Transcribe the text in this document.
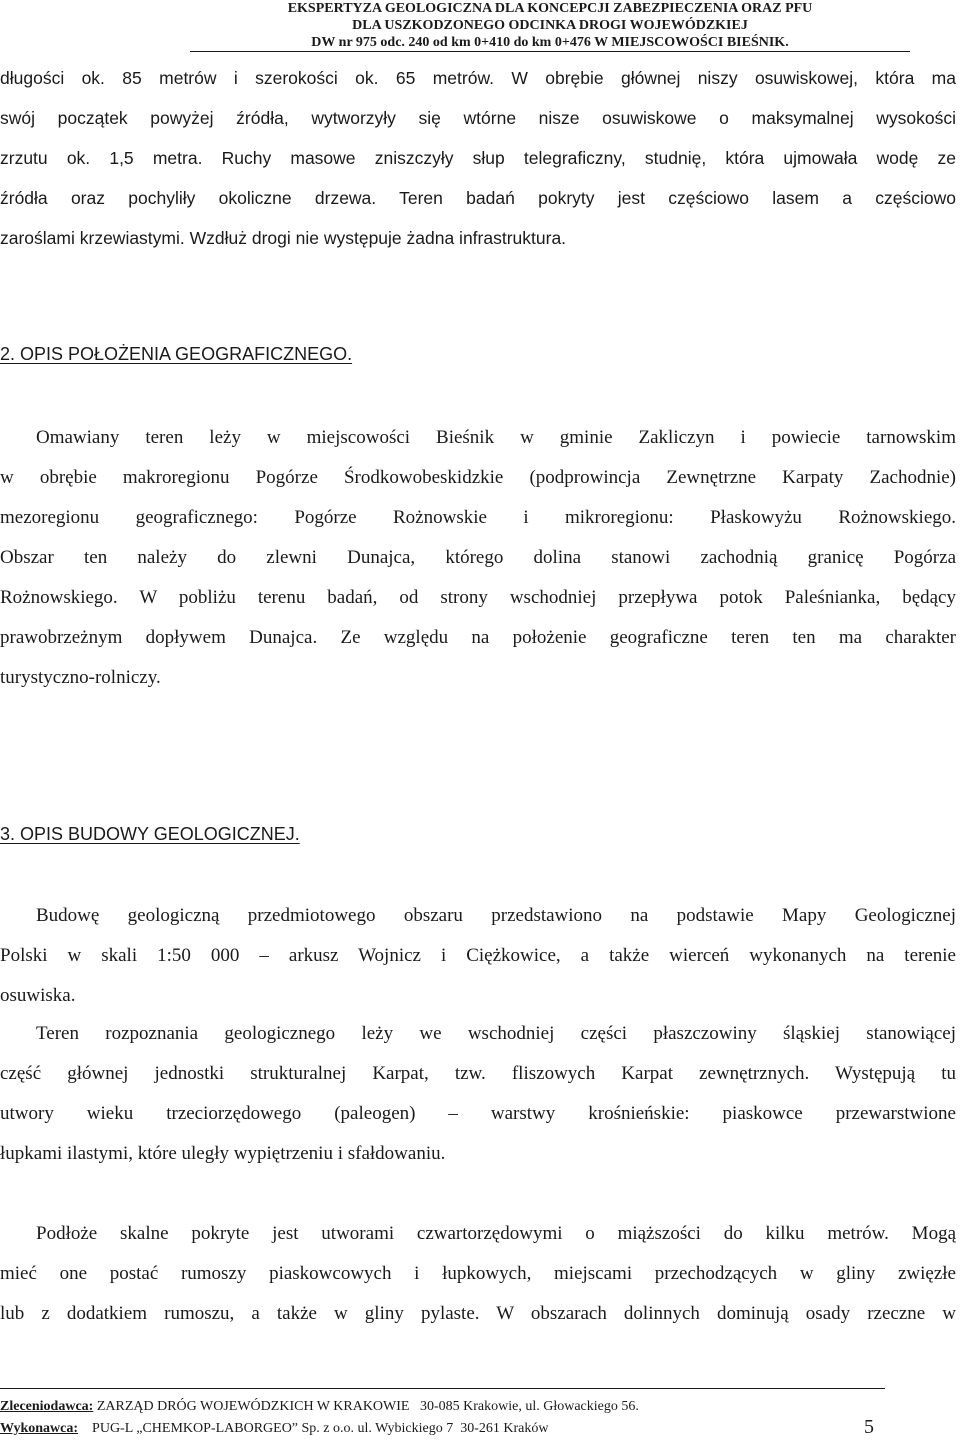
EKSPERTYZA GEOLOGICZNA DLA KONCEPCJI ZABEZPIECZENIA ORAZ PFU
DLA USZKODZONEGO ODCINKA DROGI WOJEWÓDZKIEJ
DW nr 975 odc. 240 od km 0+410 do km 0+476 W MIEJSCOWOŚCI BIEŚNIK.
długości ok. 85 metrów i szerokości ok. 65 metrów. W obrębie głównej niszy osuwiskowej, która ma
swój początek powyżej źródła, wytworzyły się wtórne nisze osuwiskowe o maksymalnej wysokości
zrzutu ok. 1,5 metra. Ruchy masowe zniszczyły słup telegraficzny, studnię, która ujmowała wodę ze
źródła oraz pochyliły okoliczne drzewa. Teren badań pokryty jest częściowo lasem a częściowo
zaroślami krzewiastymi. Wzdłuż drogi nie występuje żadna infrastruktura.
2. OPIS POŁOŻENIA GEOGRAFICZNEGO.
Omawiany teren leży w miejscowości Bieśnik w gminie Zakliczyn i powiecie tarnowskim
w obrębie makroregionu Pogórze Środkowobeskidzkie (podprowincja Zewnętrzne Karpaty Zachodnie)
mezoregionu geograficznego: Pogórze Rożnowskie i mikroregionu: Płaskowyżu Rożnowskiego.
Obszar ten należy do zlewni Dunajca, którego dolina stanowi zachodnią granicę Pogórza
Rożnowskiego. W pobliżu terenu badań, od strony wschodniej przepływa potok Paleśnianka, będący
prawobrzeżnym dopływem Dunajca. Ze względu na położenie geograficzne teren ten ma charakter
turystyczno-rolniczy.
3. OPIS BUDOWY GEOLOGICZNEJ.
Budowę geologiczną przedmiotowego obszaru przedstawiono na podstawie Mapy Geologicznej
Polski w skali 1:50 000 – arkusz Wojnicz i Ciężkowice, a także wierceń wykonanych na terenie
osuwiska.
Teren rozpoznania geologicznego leży we wschodniej części płaszczowiny śląskiej stanowiącej
część głównej jednostki strukturalnej Karpat, tzw. fliszowych Karpat zewnętrznych. Występują tu
utwory wieku trzeciorzędowego (paleogen) – warstwy krośnieńskie: piaskowce przewarstwione
łupkami ilastymi, które uległy wypiętrzeniu i sfałdowaniu.
Podłoże skalne pokryte jest utworami czwartorzędowymi o miąższości do kilku metrów. Mogą
mieć one postać rumoszy piaskowcowych i łupkowych, miejscami przechodzących w gliny zwięzłe
lub z dodatkiem rumoszu, a także w gliny pylaste. W obszarach dolinnych dominują osady rzeczne w
Zleceniodawca: ZARZĄD DRÓG WOJEWÓDZKICH W KRAKOWIE   30-085 Krakowie, ul. Głowackiego 56.
Wykonawca:    PUG-L „CHEMKOP-LABORGEO” Sp. z o.o. ul. Wybickiego 7  30-261 Kraków	5
